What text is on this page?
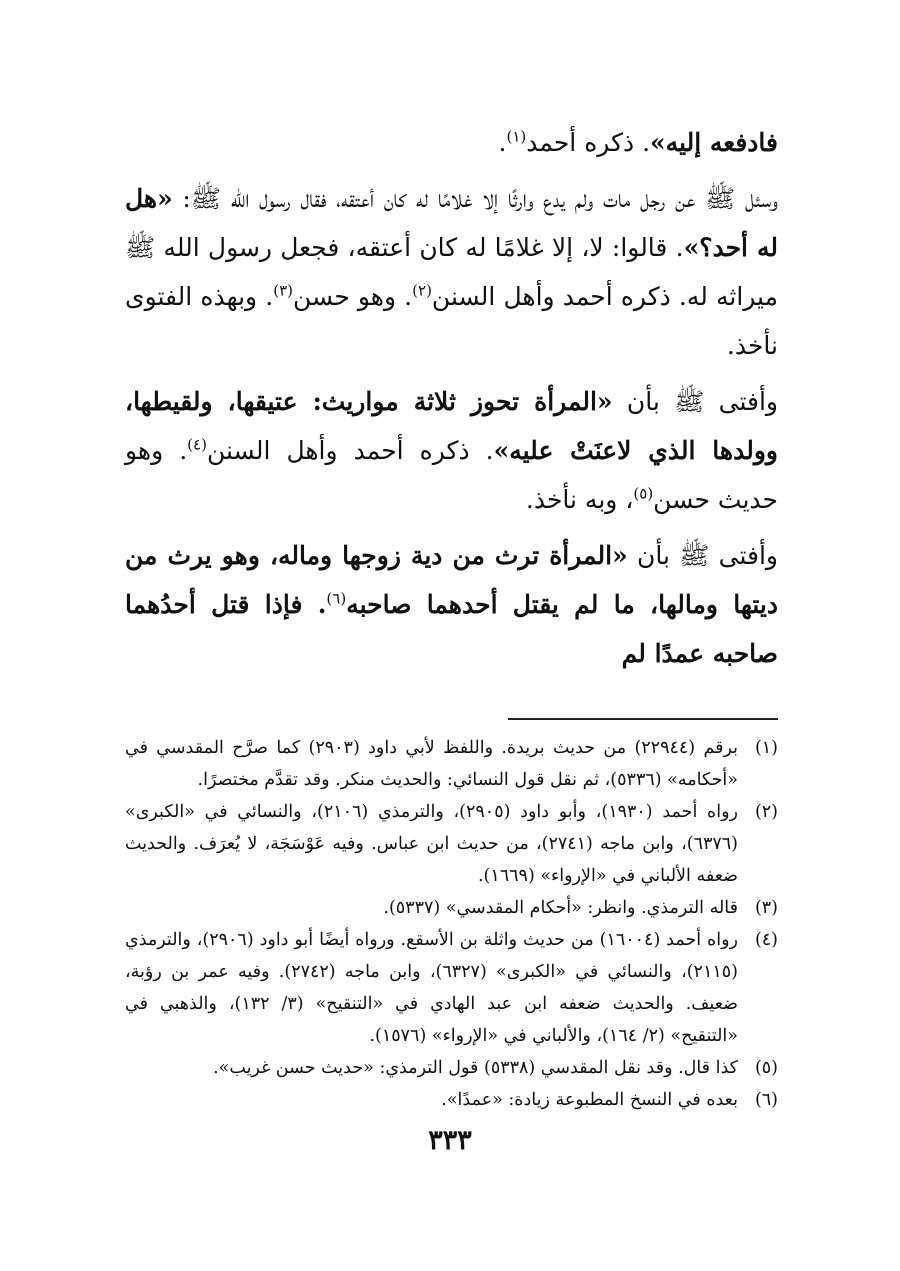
فادفعه إليه». ذكره أحمد$^{(١)}$.

وسئل ﷺ عن رجل مات ولم يدع وارثًا إلا غلامًا له كان أعتقه، فقال رسول الله ﷺ: «هل له أحد؟». قالوا: لا، إلا غلامًا له كان أعتقه، فجعل رسول الله ﷺ ميراثه له. ذكره أحمد وأهل السنن$^{(٢)}$. وهو حسن$^{(٣)}$. وبهذه الفتوى نأخذ.

وأفتى ﷺ بأن «المرأة تحوز ثلاثة مواريث: عتيقها، ولقيطها، وولدها الذي لاعنَتْ عليه». ذكره أحمد وأهل السنن$^{(٤)}$. وهو حديث حسن$^{(٥)}$، وبه نأخذ.

وأفتى ﷺ بأن «المرأة ترث من دية زوجها وماله، وهو يرث من ديتها ومالها، ما لم يقتل أحدهما صاحبه$^{(٦)}$. فإذا قتل أحدُهما صاحبه عمدًا لم

(١)
برقم (٢٢٩٤٤) من حديث بريدة. واللفظ لأبي داود (٢٩٠٣) كما صرَّح المقدسي في «أحكامه» (٥٣٣٦)، ثم نقل قول النسائي: والحديث منكر. وقد تقدَّم مختصرًا.
(٢)
رواه أحمد (١٩٣٠)، وأبو داود (٢٩٠٥)، والترمذي (٢١٠٦)، والنسائي في «الكبرى» (٦٣٧٦)، وابن ماجه (٢٧٤١)، من حديث ابن عباس. وفيه عَوْسَجَة، لا يُعرَف. والحديث ضعفه الألباني في «الإرواء» (١٦٦٩).
(٣)
قاله الترمذي. وانظر: «أحكام المقدسي» (٥٣٣٧).
(٤)
رواه أحمد (١٦٠٠٤) من حديث واثلة بن الأسقع. ورواه أيضًا أبو داود (٢٩٠٦)، والترمذي (٢١١٥)، والنسائي في «الكبرى» (٦٣٢٧)، وابن ماجه (٢٧٤٢). وفيه عمر بن رؤبة، ضعيف. والحديث ضعفه ابن عبد الهادي في «التنقيح» (٣/ ١٣٢)، والذهبي في «التنقيح» (٢/ ١٦٤)، والألباني في «الإرواء» (١٥٧٦).
(٥)
كذا قال. وقد نقل المقدسي (٥٣٣٨) قول الترمذي: «حديث حسن غريب».
(٦)
بعده في النسخ المطبوعة زيادة: «عمدًا».
٣٣٣
